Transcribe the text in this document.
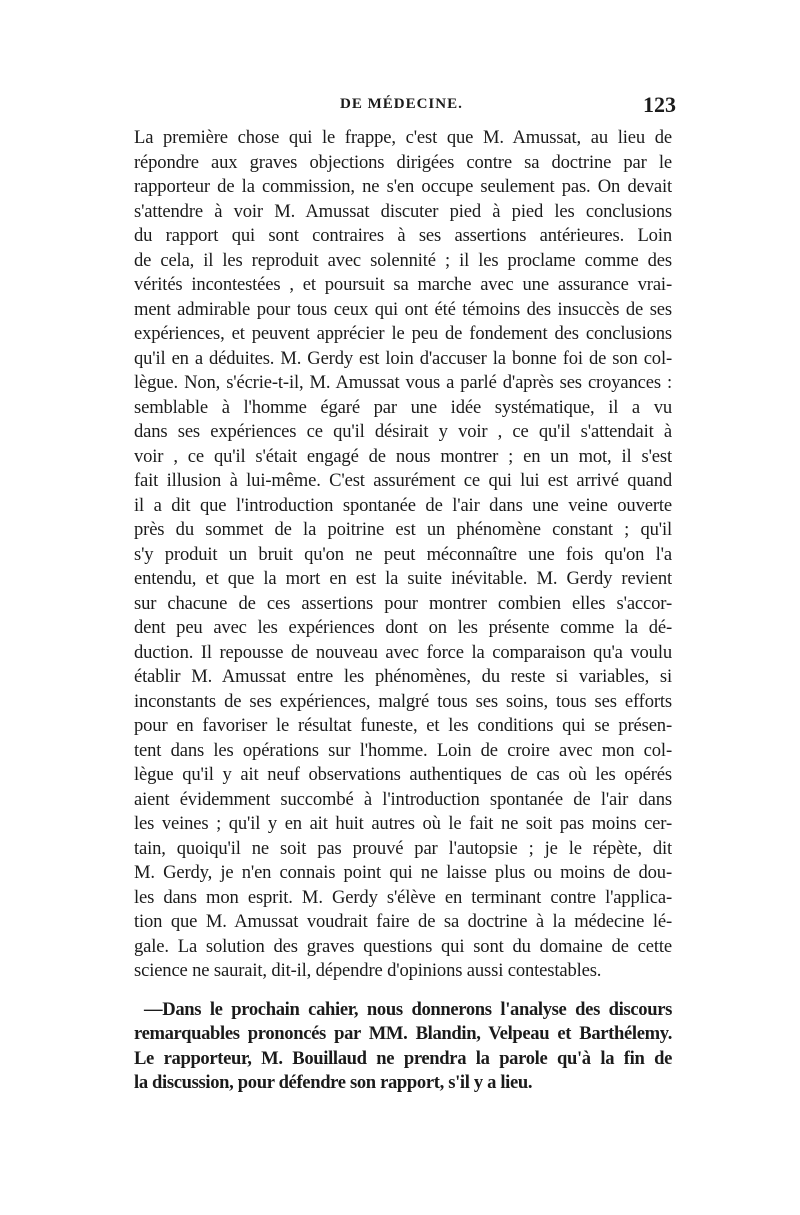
DE MÉDECINE.	123
La première chose qui le frappe, c'est que M. Amussat, au lieu de
répondre aux graves objections dirigées contre sa doctrine par le
rapporteur de la commission, ne s'en occupe seulement pas. On devait
s'attendre à voir M. Amussat discuter pied à pied les conclusions
du rapport qui sont contraires à ses assertions antérieures. Loin
de cela, il les reproduit avec solennité ; il les proclame comme des
vérités incontestées , et poursuit sa marche avec une assurance vrai-
ment admirable pour tous ceux qui ont été témoins des insuccès de ses
expériences, et peuvent apprécier le peu de fondement des conclusions
qu'il en a déduites. M. Gerdy est loin d'accuser la bonne foi de son col-
lègue. Non, s'écrie-t-il, M. Amussat vous a parlé d'après ses croyances :
semblable à l'homme égaré par une idée systématique, il a vu
dans ses expériences ce qu'il désirait y voir , ce qu'il s'attendait à
voir , ce qu'il s'était engagé de nous montrer ; en un mot, il s'est
fait illusion à lui-même. C'est assurément ce qui lui est arrivé quand
il a dit que l'introduction spontanée de l'air dans une veine ouverte
près du sommet de la poitrine est un phénomène constant ; qu'il
s'y produit un bruit qu'on ne peut méconnaître une fois qu'on l'a
entendu, et que la mort en est la suite inévitable. M. Gerdy revient
sur chacune de ces assertions pour montrer combien elles s'accor-
dent peu avec les expériences dont on les présente comme la dé-
duction. Il repousse de nouveau avec force la comparaison qu'a voulu
établir M. Amussat entre les phénomènes, du reste si variables, si
inconstants de ses expériences, malgré tous ses soins, tous ses efforts
pour en favoriser le résultat funeste, et les conditions qui se présen-
tent dans les opérations sur l'homme. Loin de croire avec mon col-
lègue qu'il y ait neuf observations authentiques de cas où les opérés
aient évidemment succombé à l'introduction spontanée de l'air dans
les veines ; qu'il y en ait huit autres où le fait ne soit pas moins cer-
tain, quoiqu'il ne soit pas prouvé par l'autopsie ; je le répète, dit
M. Gerdy, je n'en connais point qui ne laisse plus ou moins de dou-
les dans mon esprit. M. Gerdy s'élève en terminant contre l'applica-
tion que M. Amussat voudrait faire de sa doctrine à la médecine lé-
gale. La solution des graves questions qui sont du domaine de cette
science ne saurait, dit-il, dépendre d'opinions aussi contestables.
—Dans le prochain cahier, nous donnerons l'analyse des discours
remarquables prononcés par MM. Blandin, Velpeau et Barthélemy.
Le rapporteur, M. Bouillaud ne prendra la parole qu'à la fin de
la discussion, pour défendre son rapport, s'il y a lieu.
